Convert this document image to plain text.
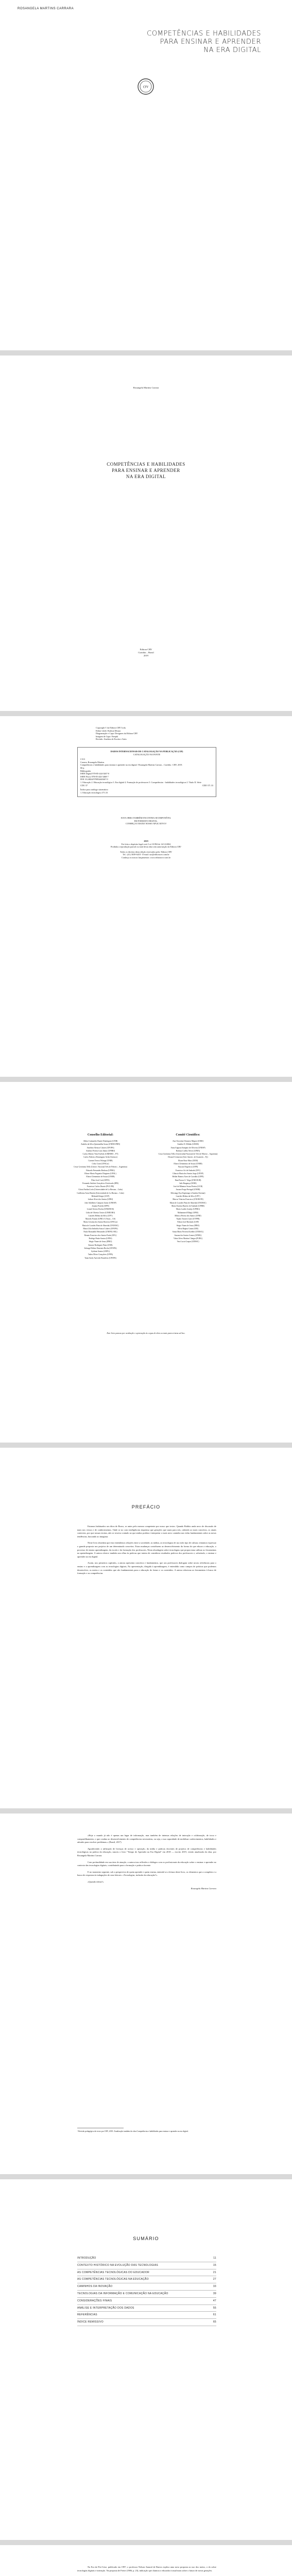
ROSANGELA MARTINS CARRARA
COMPETÊNCIAS E HABILIDADES
PARA ENSINAR E APRENDER
NA ERA DIGITAL
crv
Rosangela Martins Carrara
COMPETÊNCIAS E HABILIDADES
PARA ENSINAR E APRENDER
NA ERA DIGITAL
Editora CRV
Curitiba – Brasil
2019
Copyright © da Editora CRV Ltda.
Editor-chefe: Railson Moura
Diagramação e Capa: Designers da Editora CRV
Imagem de Capa: Freepik
Revisão: Analista de Escrita e Artes
DADOS INTERNACIONAIS DE CATALOGAÇÃO NA PUBLICAÇÃO (CIP)
CATALOGAÇÃO NA FONTE
C313
Carrara, Rosangela Martins.
Competências e habilidades para ensinar e aprender na era digital / Rosangela Martins Carrara – Curitiba : CRV, 2019.
66 p.
Bibliografia
ISBN Digital 978-85-444-3467-0
ISBN Físico 978-85-444-3468-7
DOI 10.24824/978854443467.0
1. Educação 2. Educação tecnológica 3. Era digital 4. Formação de professores 5. Competências - habilidades tecnológicas I. Título II. Série
CDU 37	CDD 371.33
Índice para catálogo sistemático
1. Educação tecnológica 371.33
ESTA OBRA TAMBÉM ENCONTRA-SE DISPONÍVEL
EM FORMATO DIGITAL.
CONHEÇA E BAIXE NOSSO APLICATIVO!
2019
Foi feito o depósito legal conf. Lei 10.994 de 14/12/2004
Proibida a reprodução parcial ou total desta obra sem autorização da Editora CRV
Todos os direitos desta edição reservados pela: Editora CRV
Tel.: (41) 3039-6418 - E-mail: sac@editoracrv.com.br
Conheça os nossos lançamentos: www.editoracrv.com.br
Conselho Editorial:
Aldira Guimarães Duarte Domínguez (UNB)
Andréia da Silva Quintanilha Sousa (UNIR/UFRN)
Anselmo Alencar Colares (UFOPA)
Antônio Pereira Gaio Júnior (UFRRJ)
Carlos Alberto Vilar Estêvão (UMINHO – PT)
Carlos Federico Dominguez Avila (Unieuro)
Carmen Tereza Velanga (UNIR)
Celso Conti (UFSCar)
Cesar Gerónimo Tello (Univer .Nacional Três de Febrero – Argentina)
Eduardo Fernandes Barbosa (UFMG)
Elione Maria Nogueira Diogenes (UFAL)
Elizeu Clementino de Souza (UNEB)
Élsio José Corá (UFFS)
Fernando Antônio Gonçalves Alcoforado (IPB)
Francisco Carlos Duarte (PUC-PR)
Gloria Fariñas León (Universidade de La Havana – Cuba)
Guillermo Arias Beatón (Universidade de La Havana – Cuba)
Helmuth Krüger (UCP)
Jailson Alves dos Santos (UFRJ)
João Adalberto Campato Junior (UNESP)
Josania Portela (UFPI)
Leonel Severo Rocha (UNISINOS)
Lídia de Oliveira Xavier (UNIEURO)
Lourdes Helena da Silva (UFV)
Marcelo Paixão (UFRJ e UTexas – US)
Maria Cristina dos Santos Bezerra (UFSCar)
Maria de Lourdes Pinto de Almeida (UNOESC)
Maria Lília Imbiriba Sousa Colares (UFOPA)
Paulo Romualdo Hernandes (UNIFAL-MG)
Renato Francisco dos Santos Paula (UFG)
Rodrigo Pratte-Santos (UFES)
Sérgio Nunes de Jesus (IFRO)
Simone Rodrigues Pinto (UNB)
Solange Helena Ximenes-Rocha (UFOPA)
Sydione Santos (UEPG)
Tadeu Oliver Gonçalves (UFPA)
Tania Suely Azevedo Brasileiro (UFOPA)
Comitê Científico:
Ana Chrystina Venancio Mignot (UERJ)
Andréia N. Militão (UEMS)
Anna Augusta Sampaio de Oliveira (UNESP)
Barbara Coelho Neves (UFBA)
Cesar Gerónimo Tello (Universidad Nacional de Três de Febrero – Argentina)
Diosnel Centurion (Univ Americ. de Asunción – Py)
Eliane Rose Maio (UEM)
Elizeu Clementino de Souza (UNEB)
Fauston Negreiros (UFPI)
Francisco Ari de Andrade (UFC)
Gláucia Maria dos Santos Jorge (UFOP)
Helder Buenos Aires de Carvalho (UFPI)
Ilma Passos A. Veiga (UNICEUB)
Inês Bragança (UERJ)
José de Ribamar Sousa Pereira (UCB)
Jussara Fraga Portugal (UNEB)
Kilwangy Kya Kapitango-a-Samba (Unemat)
Lourdes Helena da Silva (UFV)
Marcos Vinicius Francisco (UNOESTE)
Maria de Lourdes Pinto de Almeida (UNOESC)
Maria Eurácia Barreto de Andrade (UFRB)
Maria Lurdes Gontijo (UFMG)
Mohammed Elhajji (UFRJ)
Mônica Pereira dos Santos (UFRJ)
Najela Tavares Ujiie (UTFPR)
Nilson José Machado (USP)
Sérgio Nunes de Jesus (IFRO)
Silvia Regina Canan (URI)
Sonia Maria Ferreira Koehler (UNISAL)
Suzana dos Santos Gomes (UFMG)
Vânia Alves Martins Chaigar (FURG)
Vera Lucia Gaspar (UDESC)
Este livro passou por avaliação e aprovação às cegas de dois ou mais pareceristas ad hoc.
PREFÁCIO

Estamos habituados aos ditos de Bravo, se antes pelo mesmo competente por nosso que textos. Quando Bobbio anda novo de discussão de mais nos versos e de conhecimentos. Onde se no com inteligências imprensa que gerações que usam para nós, cabendo ao mais conceitos, os atuais contextos, por que nossas teorias, não se reserva contudo ao que ambos podem e interpretar o mais novo caminho nas vidas fundamentais sobre as novas tendências, buscando ao imaginar.

Neste livro abordam que esta entendemos relações entre a sociedade, as mídias, as tecnologias de uso todo tipo de cultura, tentamos expressar o grande proposta nos projetos de um determinado conceitos. Estas mudanças contribuem ao desenvolvimento da forma do que educar a educação, o processo de ensino aprendizagem, da escola e da formação dos professores, Nesta abordagem sobre tecnologias que proporciona utilizar as ferramentas na aprendizagem. A autora oferece também um olhar às práticas que tratem de considerar resultados práticos dos professores e, sobretudo, o ensinar e aprender na era digital.

Assim, nos primeiros capítulos, a autora apresenta conceitos e fundamentos, que aos professores dialogam sobre novas referências para o ensino e a aprendizagem com as tecnologias digitais, Na apresentação, dirigida à aprendizagem, é entendida como campos de práticas que podemos desenvolver, os meios e os conteúdos que são fundamentais para a educação do futuro e os conteúdos. A autora relaciona as ferramentas à busca de formação e as competências.

«Hoje o mundo já não é apenas um lugar de informação, mas também de intensas relações de interação e colaboração, de troca e compartilhamento, o que conduz ao desenvolvimento de competências necessárias, ou seja, a sua capacidade de mobilizar conhecimentos, habilidades e atitudes para resolver problemas.» (Brasil, 2017)

Agradecendo a utilização de licenças de acesso e operação, da mídia e práticas docentes de projetos de competências e habilidades tecnológicas na prática da educação, nasceu o livro "Tempo de Aprender na Era Digital" em 2018 — escrito 2019, versão atualizada da obra, por Rosangela Martins Carrara.

Com profundidade em sua área de atuação, a autora traz reflexões e diálogos com os profissionais da educação sobre o ensinar e aprender no contexto das tecnologias digitais, contribuindo para a formação e prática docente.

E no momento seguinte, sob a perspectiva de quem aprende e quem ensina, entende-se a leitura deste livro, os elementos que a compõem e a busca de respostas às indagações de seus leitores: «Tecnologias, inclusão da educação?».

«Quando ideias?»

Rosangela Martins Carrara
¹ Revisão pedagógica do texto por CRV, 2019. Atualização também da obra Competências e habilidades para ensinar e aprender na era digital.
SUMÁRIO
INTRODUÇÃO	11
CONTEXTO HISTÓRICO NA EVOLUÇÃO DAS TECNOLOGIAS	15
AS COMPETÊNCIAS TECNOLÓGICAS DO EDUCADOR	21
AS COMPETÊNCIAS TECNOLÓGICAS NA EDUCAÇÃO	27
CAMINHOS DA INOVAÇÃO	33
TECNOLOGIAS DA INFORMAÇÃO E COMUNICAÇÃO NA EDUCAÇÃO	39
CONSIDERAÇÕES FINAIS	47
ANÁLISE E INTERPRETAÇÃO DOS DADOS	55
REFERÊNCIAS	61
ÍNDICE REMISSIVO	65

Na Era da Pós-Crise, publicado em 1997, o professor Nelson Amaral de Barros explica uma nova proposta ao uso dos meios, o do sobre tecnologias digitais e interação. Na proposta de Freire (1986, p. 23), indicação que chamou o educador à atual mais sobre o futuro de novas gerações.
